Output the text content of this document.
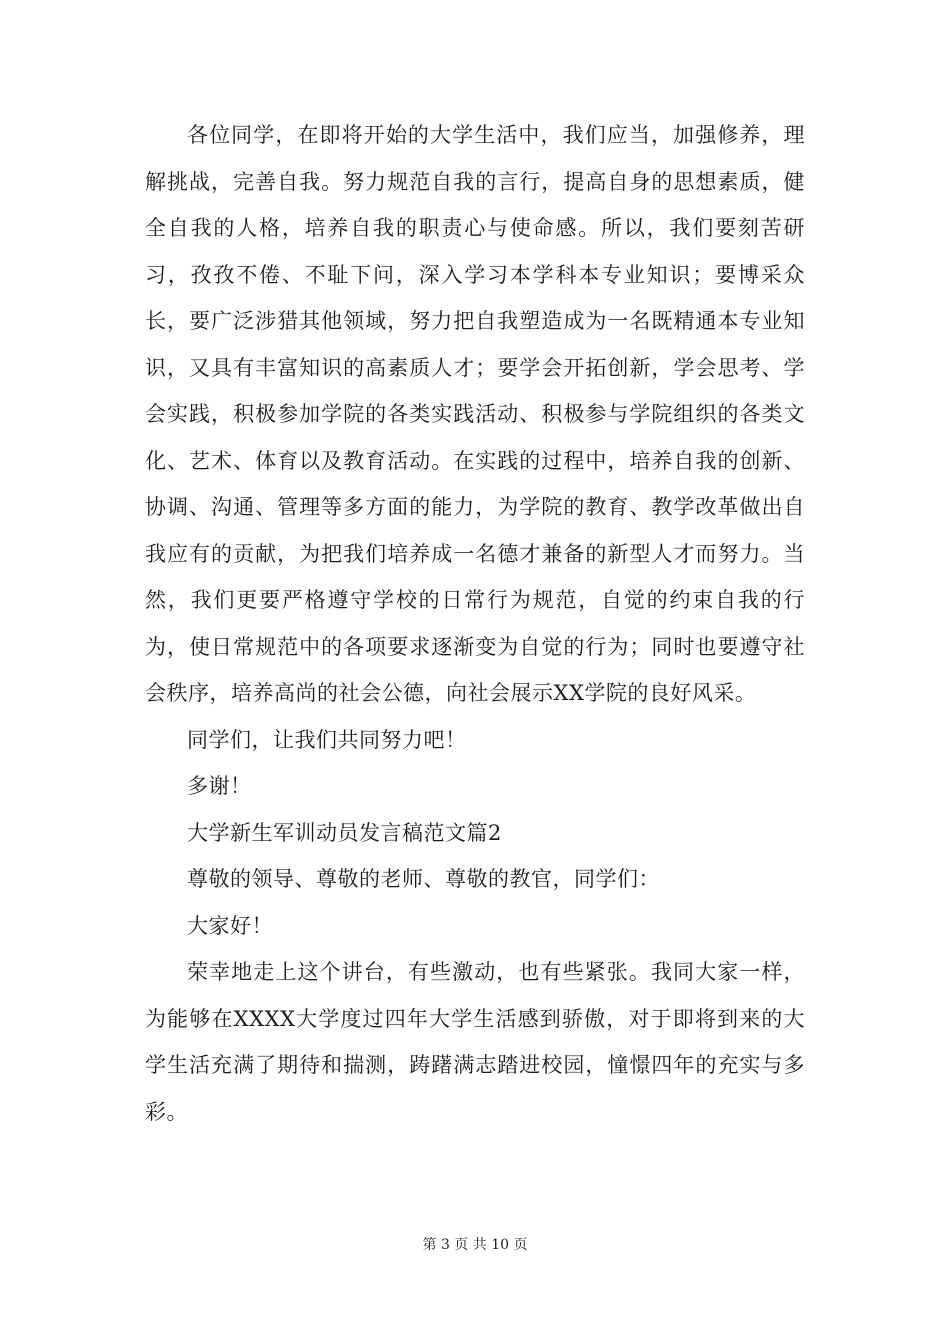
各位同学，在即将开始的大学生活中，我们应当，加强修养，理解挑战，完善自我。努力规范自我的言行，提高自身的思想素质，健全自我的人格，培养自我的职责心与使命感。所以，我们要刻苦研习，孜孜不倦、不耻下问，深入学习本学科本专业知识；要博采众长，要广泛涉猎其他领域，努力把自我塑造成为一名既精通本专业知识，又具有丰富知识的高素质人才；要学会开拓创新，学会思考、学会实践，积极参加学院的各类实践活动、积极参与学院组织的各类文化、艺术、体育以及教育活动。在实践的过程中，培养自我的创新、协调、沟通、管理等多方面的能力，为学院的教育、教学改革做出自我应有的贡献，为把我们培养成一名德才兼备的新型人才而努力。当然，我们更要严格遵守学校的日常行为规范，自觉的约束自我的行为，使日常规范中的各项要求逐渐变为自觉的行为；同时也要遵守社会秩序，培养高尚的社会公德，向社会展示XX学院的良好风采。

同学们，让我们共同努力吧！

多谢！

大学新生军训动员发言稿范文篇2

尊敬的领导、尊敬的老师、尊敬的教官，同学们：

大家好！

荣幸地走上这个讲台，有些激动，也有些紧张。我同大家一样，为能够在XXXX大学度过四年大学生活感到骄傲，对于即将到来的大学生活充满了期待和揣测，踌躇满志踏进校园，憧憬四年的充实与多彩。

第 3 页 共 10 页
